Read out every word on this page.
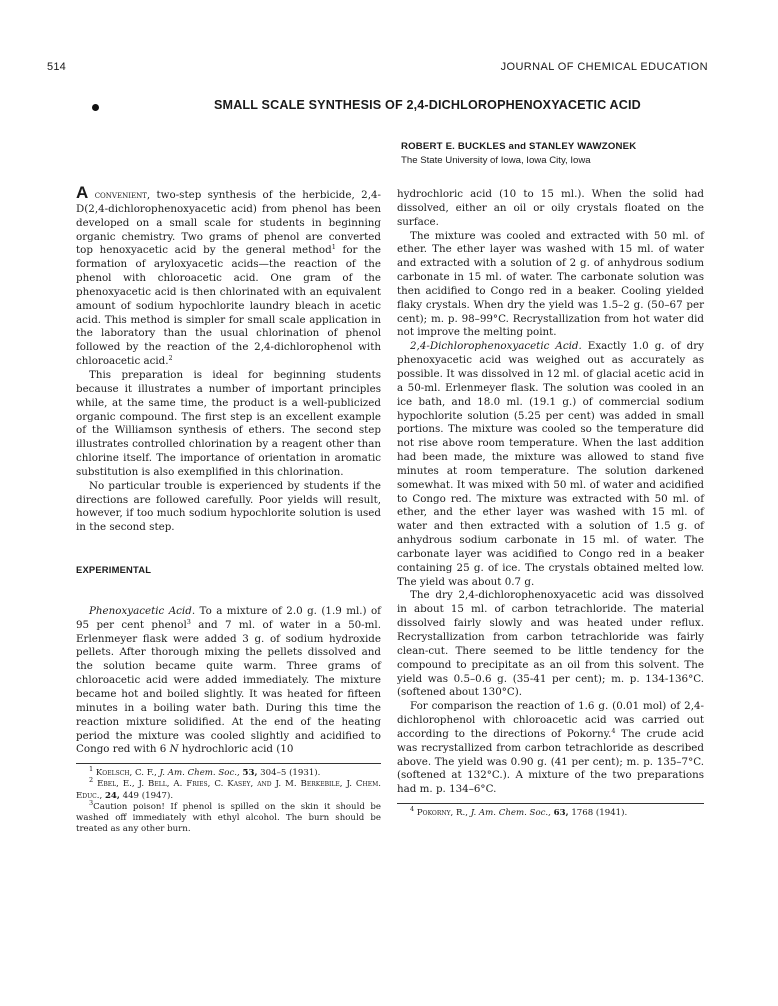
514	JOURNAL OF CHEMICAL EDUCATION
SMALL SCALE SYNTHESIS OF 2,4-DICHLOROPHENOXYACETIC ACID
ROBERT E. BUCKLES and STANLEY WAWZONEK
The State University of Iowa, Iowa City, Iowa

A convenient, two-step synthesis of the herbicide, 2,4-D(2,4-dichlorophenoxyacetic acid) from phenol has been developed on a small scale for students in beginning organic chemistry. Two grams of phenol are converted top henoxyacetic acid by the general method$^1$ for the formation of aryloxyacetic acids—the reaction of the phenol with chloroacetic acid. One gram of the phenoxyacetic acid is then chlorinated with an equivalent amount of sodium hypochlorite laundry bleach in acetic acid. This method is simpler for small scale application in the laboratory than the usual chlorination of phenol followed by the reaction of the 2,4-dichlorophenol with chloroacetic acid.$^2$

This preparation is ideal for beginning students because it illustrates a number of important principles while, at the same time, the product is a well-publicized organic compound. The first step is an excellent example of the Williamson synthesis of ethers. The second step illustrates controlled chlorination by a reagent other than chlorine itself. The importance of orientation in aromatic substitution is also exemplified in this chlorination.

No particular trouble is experienced by students if the directions are followed carefully. Poor yields will result, however, if too much sodium hypochlorite solution is used in the second step.

EXPERIMENTAL

Phenoxyacetic Acid. To a mixture of 2.0 g. (1.9 ml.) of 95 per cent phenol$^3$ and 7 ml. of water in a 50-ml. Erlenmeyer flask were added 3 g. of sodium hydroxide pellets. After thorough mixing the pellets dissolved and the solution became quite warm. Three grams of chloroacetic acid were added immediately. The mixture became hot and boiled slightly. It was heated for fifteen minutes in a boiling water bath. During this time the reaction mixture solidified. At the end of the heating period the mixture was cooled slightly and acidified to Congo red with 6 N hydrochloric acid (10

$^1$ Koelsch, C. F., J. Am. Chem. Soc., 53, 304–5 (1931).

$^2$ Ebel, E., J. Bell, A. Fries, C. Kasey, and J. M. Berkebile, J. Chem. Educ., 24, 449 (1947).

$^3$Caution poison! If phenol is spilled on the skin it should be washed off immediately with ethyl alcohol. The burn should be treated as any other burn.

hydrochloric acid (10 to 15 ml.). When the solid had dissolved, either an oil or oily crystals floated on the surface.

The mixture was cooled and extracted with 50 ml. of ether. The ether layer was washed with 15 ml. of water and extracted with a solution of 2 g. of anhydrous sodium carbonate in 15 ml. of water. The carbonate solution was then acidified to Congo red in a beaker. Cooling yielded flaky crystals. When dry the yield was 1.5–2 g. (50–67 per cent); m. p. 98–99°C. Recrystallization from hot water did not improve the melting point.

2,4-Dichlorophenoxyacetic Acid. Exactly 1.0 g. of dry phenoxyacetic acid was weighed out as accurately as possible. It was dissolved in 12 ml. of glacial acetic acid in a 50-ml. Erlenmeyer flask. The solution was cooled in an ice bath, and 18.0 ml. (19.1 g.) of commercial sodium hypochlorite solution (5.25 per cent) was added in small portions. The mixture was cooled so the temperature did not rise above room temperature. When the last addition had been made, the mixture was allowed to stand five minutes at room temperature. The solution darkened somewhat. It was mixed with 50 ml. of water and acidified to Congo red. The mixture was extracted with 50 ml. of ether, and the ether layer was washed with 15 ml. of water and then extracted with a solution of 1.5 g. of anhydrous sodium carbonate in 15 ml. of water. The carbonate layer was acidified to Congo red in a beaker containing 25 g. of ice. The crystals obtained melted low. The yield was about 0.7 g.

The dry 2,4-dichlorophenoxyacetic acid was dissolved in about 15 ml. of carbon tetrachloride. The material dissolved fairly slowly and was heated under reflux. Recrystallization from carbon tetrachloride was fairly clean-cut. There seemed to be little tendency for the compound to precipitate as an oil from this solvent. The yield was 0.5–0.6 g. (35-41 per cent); m. p. 134-136°C. (softened about 130°C).

For comparison the reaction of 1.6 g. (0.01 mol) of 2,4-dichlorophenol with chloroacetic acid was carried out according to the directions of Pokorny.$^4$ The crude acid was recrystallized from carbon tetrachloride as described above. The yield was 0.90 g. (41 per cent); m. p. 135–7°C. (softened at 132°C.). A mixture of the two preparations had m. p. 134–6°C.

$^4$ Pokorny, R., J. Am. Chem. Soc., 63, 1768 (1941).
